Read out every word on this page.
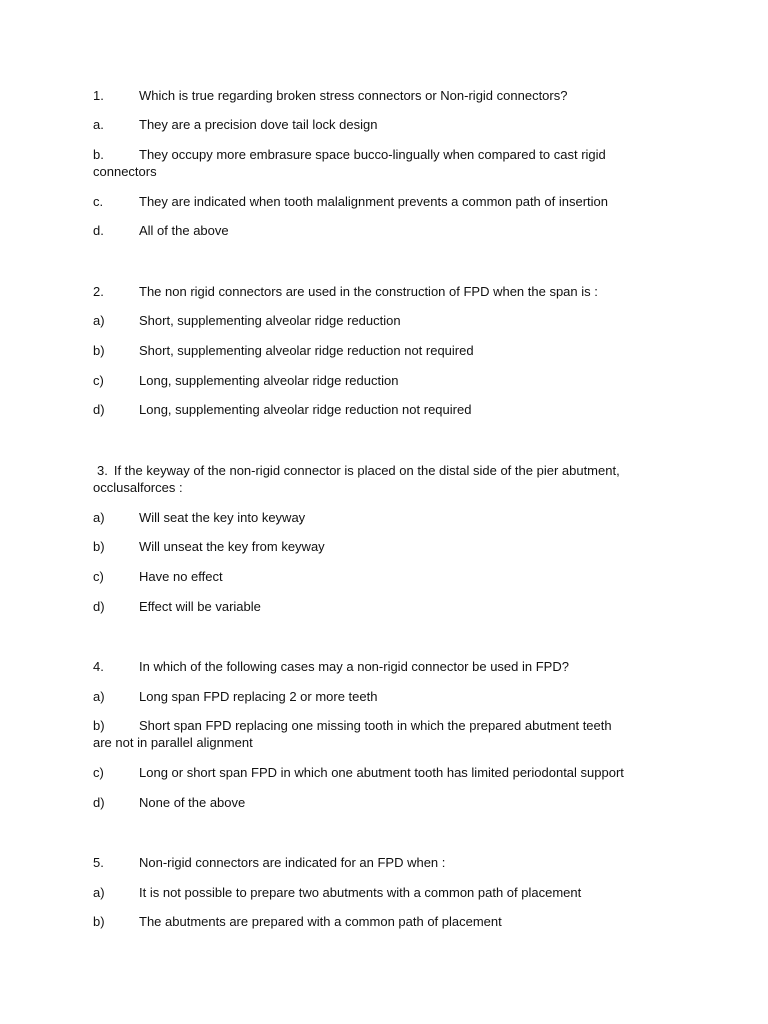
1.	Which is true regarding broken stress connectors or Non-rigid connectors?
a.	They are a precision dove tail lock design
b.	They occupy more embrasure space bucco-lingually when compared to cast rigid
connectors
c.	They are indicated when tooth malalignment prevents a common path of insertion
d.	All of the above
2.	The non rigid connectors are used in the construction of FPD when the span is :
a)	Short, supplementing alveolar ridge reduction
b)	Short, supplementing alveolar ridge reduction not required
c)	Long, supplementing alveolar ridge reduction
d)	Long, supplementing alveolar ridge reduction not required
3. If the keyway of the non-rigid connector is placed on the distal side of the pier abutment,
occlusalforces :
a)	Will seat the key into keyway
b)	Will unseat the key from keyway
c)	Have no effect
d)	Effect will be variable
4.	In which of the following cases may a non-rigid connector be used in FPD?
a)	Long span FPD replacing 2 or more teeth
b)	Short span FPD replacing one missing tooth in which the prepared abutment teeth
are not in parallel alignment
c)	Long or short span FPD in which one abutment tooth has limited periodontal support
d)	None of the above
5.	Non-rigid connectors are indicated for an FPD when :
a)	It is not possible to prepare two abutments with a common path of placement
b)	The abutments are prepared with a common path of placement
